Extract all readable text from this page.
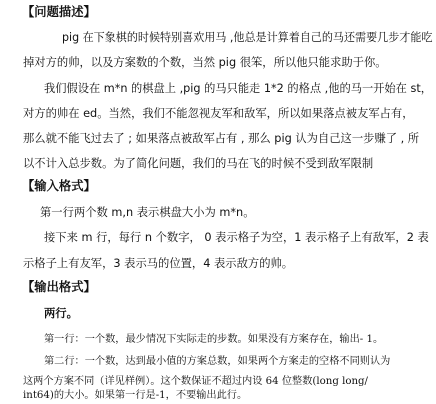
【问题描述】
pig 在下象棋的时候特别喜欢用马 ,他总是计算着自己的马还需要几步才能吃
掉对方的帅，以及方案数的个数，当然 pig 很笨，所以他只能求助于你。
我们假设在 m*n 的棋盘上 ,pig 的马只能走 1*2 的格点 ,他的马一开始在 st，
对方的帅在 ed。当然，我们不能忽视友军和敌军，所以如果落点被友军占有，
那么就不能飞过去了 ; 如果落点被敌军占有 , 那么 pig 认为自己这一步赚了 , 所
以不计入总步数。为了简化问题，我们的马在飞的时候不受到敌军限制
【输入格式】
第一行两个数 m,n 表示棋盘大小为 m*n。
接下来 m 行，每行 n 个数字， 0 表示格子为空，1 表示格子上有敌军，2 表
示格子上有友军，3 表示马的位置，4 表示敌方的帅。
【输出格式】
两行。
第一行：一个数，最少情况下实际走的步数。如果没有方案存在，输出- 1。
第二行：一个数，达到最小值的方案总数，如果两个方案走的空格不同则认为
这两个方案不同（详见样例）。这个数保证不超过内设 64 位整数(long long/
int64)的大小。如果第一行是-1，不要输出此行。
